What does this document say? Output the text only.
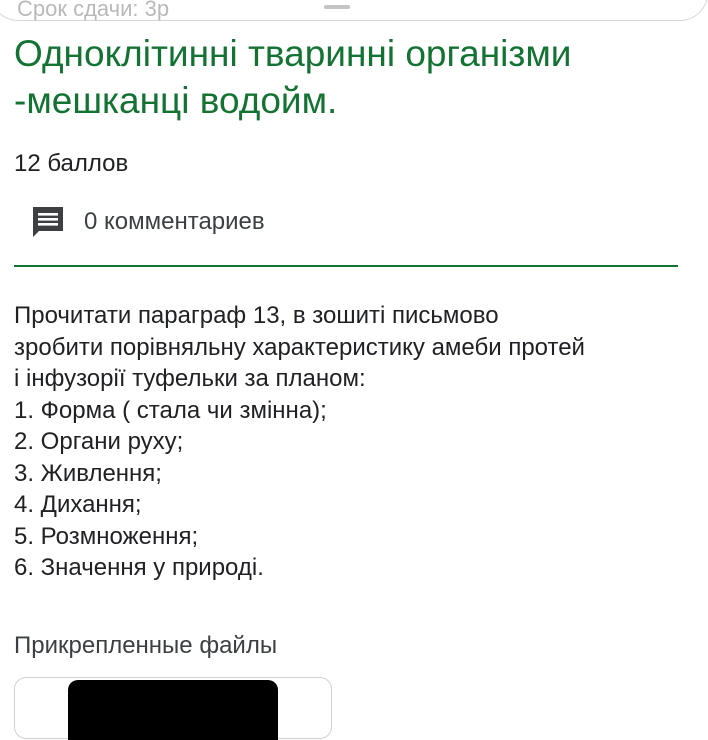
Срок сдачи: 3р
Одноклітинні тваринні організми -мешканці водойм.
12 баллов
0 комментариев
Прочитати параграф 13, в зошиті письмово
зробити порівняльну характеристику амеби протей
і інфузорії туфельки за планом:
1. Форма ( стала чи змінна);
2. Органи руху;
3. Живлення;
4. Дихання;
5. Розмноження;
6. Значення у природі.
Прикрепленные файлы
